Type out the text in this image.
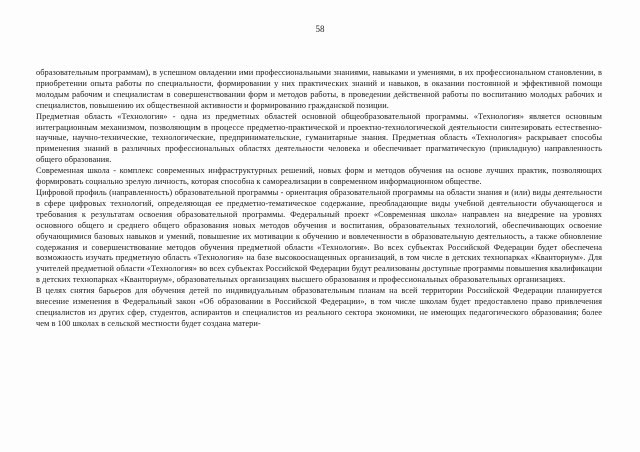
58

образовательным программам), в успешном овладении ими профессиональными знаниями, навыками и умениями, в их профессиональном становлении, в приобретении опыта работы по специальности, формировании у них практических знаний и навыков, в оказании постоянной и эффективной помощи молодым рабочим и специалистам в совершенствовании форм и методов работы, в проведении действенной работы по воспитанию молодых рабочих и специалистов, повышению их общественной активности и формированию гражданской позиции.

Предметная область «Технология» - одна из предметных областей основной общеобразовательной программы. «Технология» является основным интеграционным механизмом, позволяющим в процессе предметно-практической и проектно-технологической деятельности синтезировать естественно-научные, научно-технические, технологические, предпринимательские, гуманитарные знания. Предметная область «Технология» раскрывает способы применения знаний в различных профессиональных областях деятельности человека и обеспечивает прагматическую (прикладную) направленность общего образования.

Современная школа - комплекс современных инфраструктурных решений, новых форм и методов обучения на основе лучших практик, позволяющих формировать социально зрелую личность, которая способна к самореализации в современном информационном обществе.

Цифровой профиль (направленность) образовательной программы - ориентация образовательной программы на области знания и (или) виды деятельности в сфере цифровых технологий, определяющая ее предметно-тематическое содержание, преобладающие виды учебной деятельности обучающегося и требования к результатам освоения образовательной программы. Федеральный проект «Современная школа» направлен на внедрение на уровнях основного общего и среднего общего образования новых методов обучения и воспитания, образовательных технологий, обеспечивающих освоение обучающимися базовых навыков и умений, повышение их мотивации к обучению и вовлеченности в образовательную деятельность, а также обновление содержания и совершенствование методов обучения предметной области «Технология». Во всех субъектах Российской Федерации будет обеспечена возможность изучать предметную область «Технология» на базе высокооснащенных организаций, в том числе в детских технопарках «Кванториум». Для учителей предметной области «Технология» во всех субъектах Российской Федерации будут реализованы доступные программы повышения квалификации в детских технопарках «Кванториум», образовательных организациях высшего образования и профессиональных образовательных организациях.

В целях снятия барьеров для обучения детей по индивидуальным образовательным планам на всей территории Российской Федерации планируется внесение изменения в Федеральный закон «Об образовании в Российской Федерации», в том числе школам будет предоставлено право привлечения специалистов из других сфер, студентов, аспирантов и специалистов из реального сектора экономики, не имеющих педагогического образования; более чем в 100 школах в сельской местности будет создана матери-
